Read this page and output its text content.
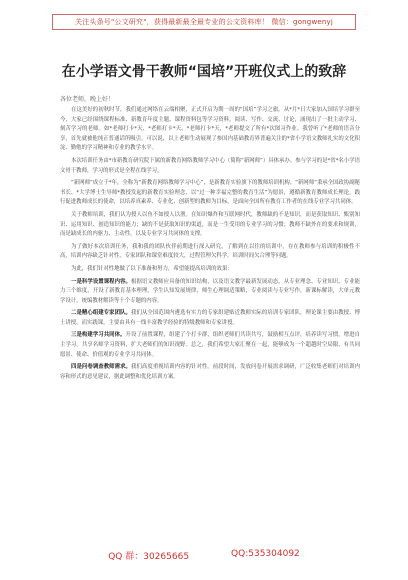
关注头条号"公文研究"，获得最新最全最专业的公文资料库！ 微信：gongwenyj
在小学语文骨干教师“国培”开班仪式上的致辞
各位老师，晚上好！

在这美好的初秋时节，我们通过网络在云端相聚，正式开启为期一周的“国培”学习之旅。从*月*日大家加入国培学习群至今，大家已经围绕课程标准、新教育年度主题、课程资料包等学习资料，阅读、写作、交流、讨论，涌现出了一批主动学习、刻苦学习的老师。如*老师打卡*天、*老师打卡*天、*老师打卡*天，*老师提交了所有*次图习作业。我曾听了*老师的语音分享，首先就被他纯正普通话所吸引。可以说，以上老师生动展现了参国内基础教育界普遍关注的*省小学语文教师扎实的文化积淀、勤勉的学习精神和专业的教学水平。

本次培训任务由*市新教育研究院下属的新教育网络教师学习中心（简称“新网师”）具体承办。参与学习的是*省*名小学语文骨干教师，学习的形式是全程在线学习。

“新网师”成立于*年，全称为“新教育网络教师学习中心”，是新教育实验旗下的教师培训机构。“新网师”秉承全国政协副秘书长、*大学博士生导师*教授发起的新教育实验理念，以“过一种幸福完整的教育生活”为愿景，遵循新教育教师成长理论，践行促进教师成长的使命，以培养真素养、专业化、创新型的教师为目标，是面向全国所有教育工作者的在线专业学习共同体。

关于教师培训，我们认为授人以鱼不如授人以渔。在知识爆炸和互联网时代，教师缺的不是知识，而是获取知识、甄别知识、运用知识、创造知识的能力；缺的不是获取知识的渠道，而是一生受用的专业学习的习惯；教师不缺外在的要求和规训，而是缺成长的内驱力、主动性，以及专业学习共同体的支撑。

为了做好本次培训任务，我和我的团队伙伴前期进行深入研究，了解到在以往的培训中，存在教师参与培训的积极性不高，培训内容缺乏针对性，专家团队和课堂难度较大，过程管理欠科学，培训时间欠合理等问题。

为此，我们针对性地做了以下准备和努力，希望能提高培训的效果：

一是科学设置课程内容。根据语文教师应具备的知识结构，以及语文教学最新发展动态，从专业理念、专业知识、专业能力三个维度，开设了新教育基本理理，学生认知发展规律，师生心理调适策略，专业阅读与专业写作，新课标解读，大单元教学设计，统编教材解读等十个专题的内容。

二是精心组建专家团队。我们从全国范围内遴选有实力的专家组建贴近教师实际的培训专家团队，理论课主要由教授、博士讲授，而实践课，主要由具有一线丰富教学经验的特级教师和专家讲授。

三是构建学习共同体。开设了前置课程，组建了个打卡群，组织老师们共读共写，鼓励相互点评，培养读写习惯，增进自主学习。共享名师学习资料，扩大老师们的知识视野。总之，我们希望大家汇聚在一起，能够成为一个超越时空局限、有共同愿景、使命、价值观的专业学习共同体。

四是问卷调查教师需求。我们高度重视培训内容的针对性。前段时间，发放问卷开展需求调研，广泛收集老师们对培训内容和形式的意见建议，据此调整和优化培训方案。

QQ 群：30265665	QQ:535304092
